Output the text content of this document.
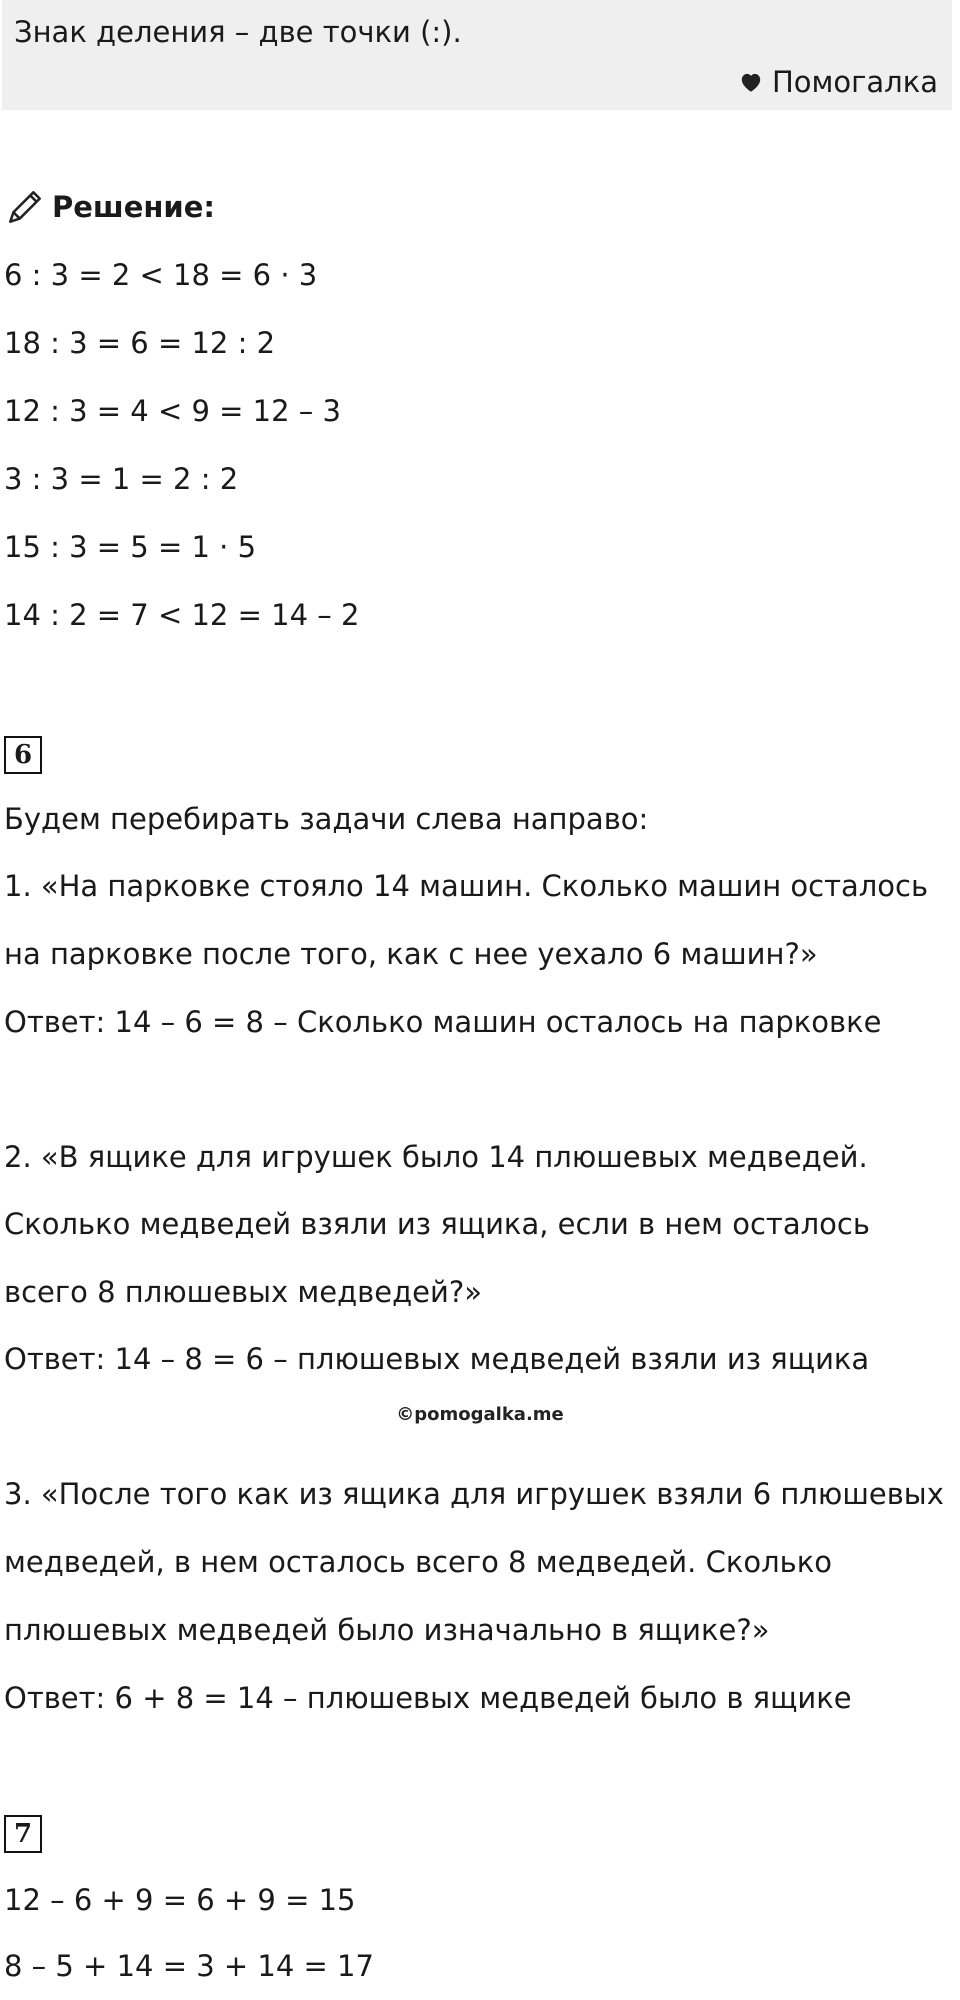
Знак деления – две точки (:).
Помогалка
Решение:
6 : 3 = 2 < 18 = 6 · 3
18 : 3 = 6 = 12 : 2
12 : 3 = 4 < 9 = 12 – 3
3 : 3 = 1 = 2 : 2
15 : 3 = 5 = 1 · 5
14 : 2 = 7 < 12 = 14 – 2
6
Будем перебирать задачи слева направо:
1. «На парковке стояло 14 машин. Сколько машин осталось
на парковке после того, как с нее уехало 6 машин?»
Ответ: 14 – 6 = 8 – Сколько машин осталось на парковке
2. «В ящике для игрушек было 14 плюшевых медведей.
Сколько медведей взяли из ящика, если в нем осталось
всего 8 плюшевых медведей?»
Ответ: 14 – 8 = 6 – плюшевых медведей взяли из ящика
©pomogalka.me
3. «После того как из ящика для игрушек взяли 6 плюшевых
медведей, в нем осталось всего 8 медведей. Сколько
плюшевых медведей было изначально в ящике?»
Ответ: 6 + 8 = 14 – плюшевых медведей было в ящике
7
12 – 6 + 9 = 6 + 9 = 15
8 – 5 + 14 = 3 + 14 = 17
